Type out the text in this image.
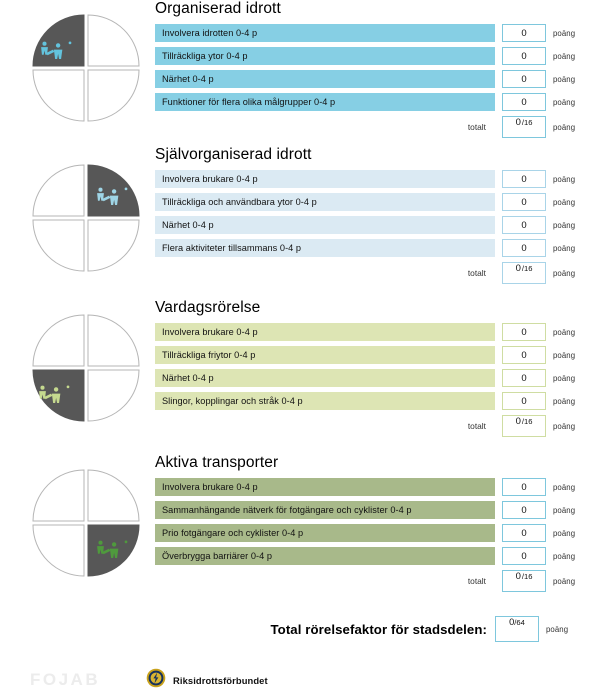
Organiserad idrott
Involvera idrotten 0-4 p	0	poäng
Tillräckliga ytor 0-4 p	0	poäng
Närhet 0-4 p	0	poäng
Funktioner för flera olika målgrupper 0-4 p	0	poäng
totalt	0 /16	poäng
Självorganiserad idrott
Involvera brukare 0-4 p	0	poäng
Tillräckliga och användbara ytor 0-4 p	0	poäng
Närhet 0-4 p	0	poäng
Flera aktiviteter tillsammans 0-4 p	0	poäng
totalt	0 /16	poäng
Vardagsrörelse
Involvera brukare 0-4 p	0	poäng
Tillräckliga friytor 0-4 p	0	poäng
Närhet 0-4 p	0	poäng
Slingor, kopplingar och stråk 0-4 p	0	poäng
totalt	0 /16	poäng
Aktiva transporter
Involvera brukare 0-4 p	0	poäng
Sammanhängande nätverk för fotgängare och cyklister 0-4 p	0	poäng
Prio fotgängare och cyklister 0-4 p	0	poäng
Överbrygga barriärer 0-4 p	0	poäng
totalt	0 /16	poäng
Total rörelsefaktor för stadsdelen:	0 /64
poäng
FOJAB	Riksidrottsförbundet
